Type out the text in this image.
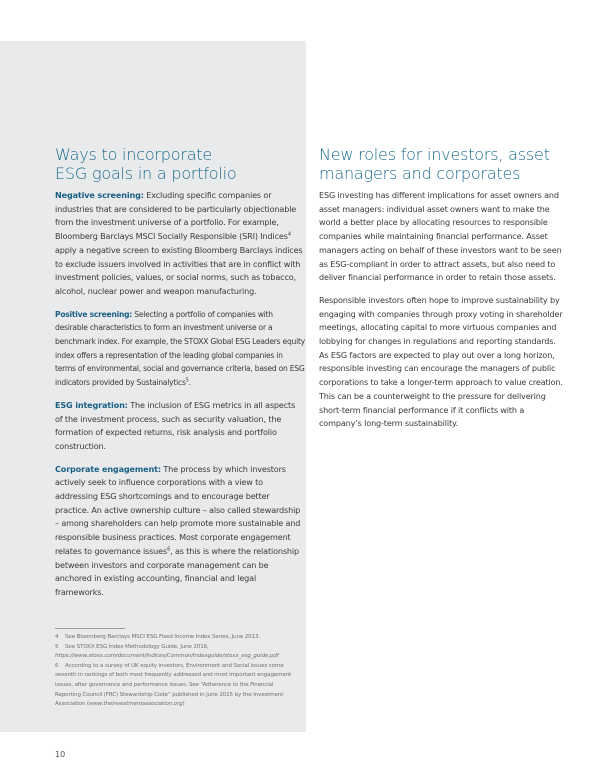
Ways to incorporate
ESG goals in a portfolio

Negative screening: Excluding specific companies or industries that are considered to be particularly objectionable from the investment universe of a portfolio. For example, Bloomberg Barclays MSCI Socially Responsible (SRI) Indices$^4$ apply a negative screen to existing Bloomberg Barclays indices to exclude issuers involved in activities that are in conflict with investment policies, values, or social norms, such as tobacco, alcohol, nuclear power and weapon manufacturing.

Positive screening: Selecting a portfolio of companies with desirable characteristics to form an investment universe or a benchmark index. For example, the STOXX Global ESG Leaders equity index offers a representation of the leading global companies in terms of environmental, social and governance criteria, based on ESG indicators provided by Sustainalytics$^5$.

ESG integration: The inclusion of ESG metrics in all aspects of the investment process, such as security valuation, the formation of expected returns, risk analysis and portfolio construction.

Corporate engagement: The process by which investors actively seek to influence corporations with a view to addressing ESG shortcomings and to encourage better practice. An active ownership culture – also called stewardship – among shareholders can help promote more sustainable and responsible business practices. Most corporate engagement relates to governance issues$^6$, as this is where the relationship between investors and corporate management can be anchored in existing accounting, financial and legal frameworks.

New roles for investors, asset
managers and corporates

ESG investing has different implications for asset owners and asset managers: individual asset owners want to make the world a better place by allocating resources to responsible companies while maintaining financial performance. Asset managers acting on behalf of these investors want to be seen as ESG-compliant in order to attract assets, but also need to deliver financial performance in order to retain those assets.

Responsible investors often hope to improve sustainability by engaging with companies through proxy voting in shareholder meetings, allocating capital to more virtuous companies and lobbying for changes in regulations and reporting standards. As ESG factors are expected to play out over a long horizon, responsible investing can encourage the managers of public corporations to take a longer-term approach to value creation. This can be a counterweight to the pressure for delivering short-term financial performance if it conflicts with a company’s long-term sustainability.

4 See Bloomberg Barclays MSCI ESG Fixed Income Index Series, June 2013.
5 See STOXX ESG Index Methodology Guide, June 2016, https://www.stoxx.com/document/Indices/Common/Indexguide/stoxx_esg_guide.pdf
6 According to a survey of UK equity investors, Environment and Social issues come seventh in rankings of both most frequently addressed and most important engagement issues, after governance and performance issues. See “Adherence to the Financial Reporting Council (FRC) Stewardship Code” published in June 2015 by the Investment Association (www.theinvestmentassociation.org)
10
